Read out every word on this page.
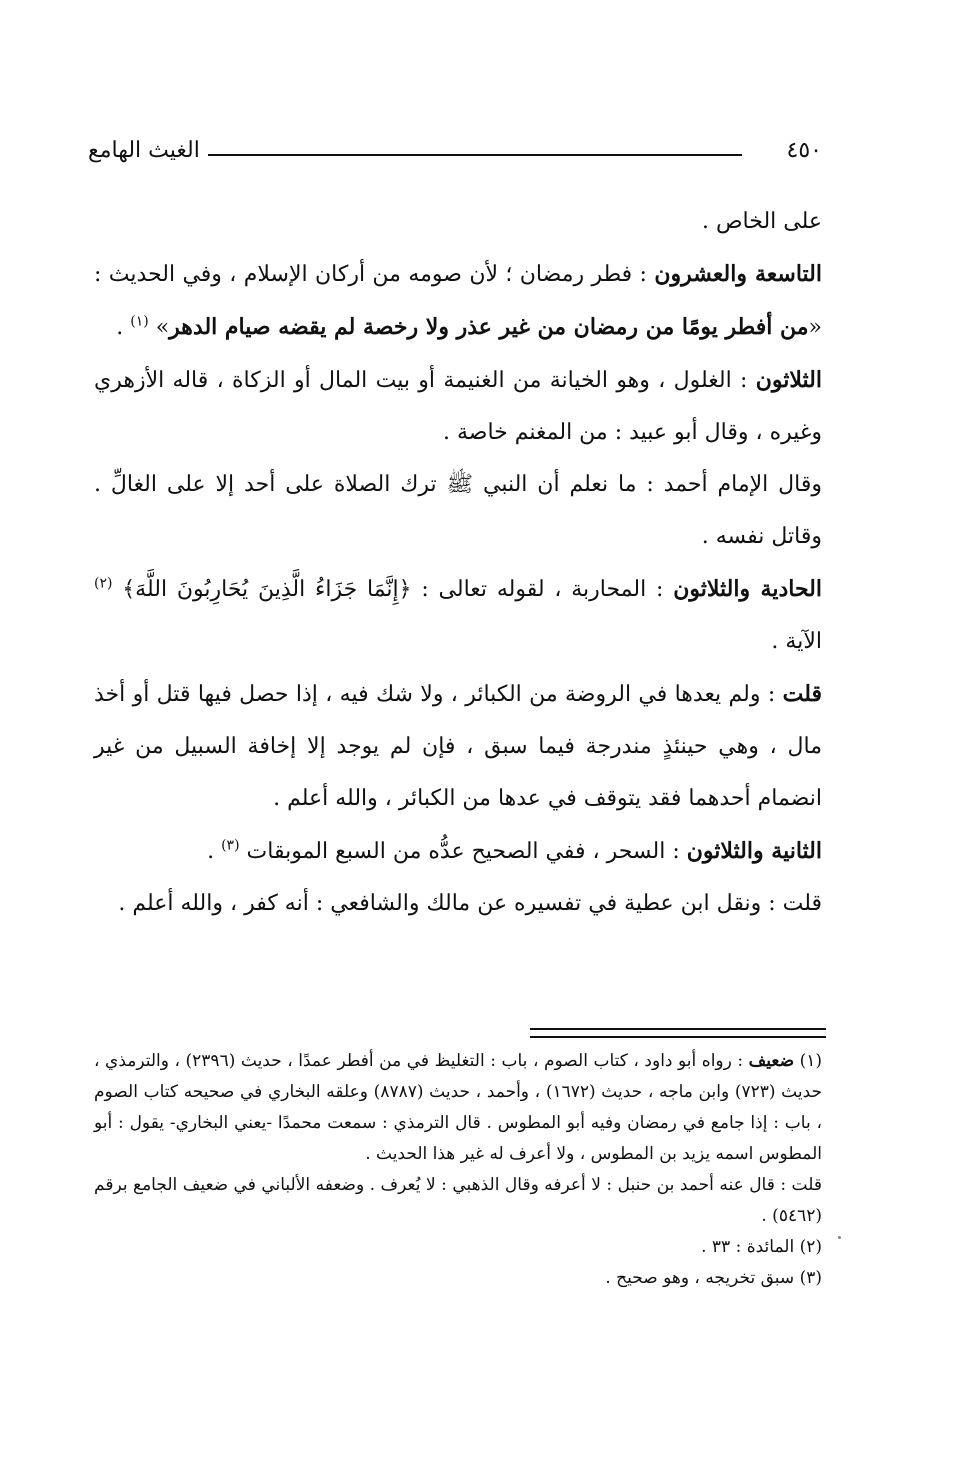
٤٥٠
الغيث الهامع

على الخاص .

التاسعة والعشرون : فطر رمضان ؛ لأن صومه من أركان الإسلام ، وفي الحديث : «من أفطر يومًا من رمضان من غير عذر ولا رخصة لم يقضه صيام الدهر» $^{(١)}$ .

الثلاثون : الغلول ، وهو الخيانة من الغنيمة أو بيت المال أو الزكاة ، قاله الأزهري وغيره ، وقال أبو عبيد : من المغنم خاصة .

وقال الإمام أحمد : ما نعلم أن النبي ﷺ ترك الصلاة على أحد إلا على الغالِّ . وقاتل نفسه .

الحادية والثلاثون : المحاربة ، لقوله تعالى : ﴿إِنَّمَا جَزَاءُ الَّذِينَ يُحَارِبُونَ اللَّهَ﴾ $^{(٢)}$ الآية .

قلت : ولم يعدها في الروضة من الكبائر ، ولا شك فيه ، إذا حصل فيها قتل أو أخذ مال ، وهي حينئذٍ مندرجة فيما سبق ، فإن لم يوجد إلا إخافة السبيل من غير انضمام أحدهما فقد يتوقف في عدها من الكبائر ، والله أعلم .

الثانية والثلاثون : السحر ، ففي الصحيح عدُّه من السبع الموبقات $^{(٣)}$ .

قلت : ونقل ابن عطية في تفسيره عن مالك والشافعي : أنه كفر ، والله أعلم .

(١) ضعيف : رواه أبو داود ، كتاب الصوم ، باب : التغليظ في من أفطر عمدًا ، حديث (٢٣٩٦) ، والترمذي ، حديث (٧٢٣) وابن ماجه ، حديث (١٦٧٢) ، وأحمد ، حديث (٨٧٨٧) وعلقه البخاري في صحيحه كتاب الصوم ، باب : إذا جامع في رمضان وفيه أبو المطوس . قال الترمذي : سمعت محمدًا -يعني البخاري- يقول : أبو المطوس اسمه يزيد بن المطوس ، ولا أعرف له غير هذا الحديث .

قلت : قال عنه أحمد بن حنبل : لا أعرفه وقال الذهبي : لا يُعرف . وضعفه الألباني في ضعيف الجامع برقم (٥٤٦٢) .

(٢) المائدة : ٣٣ .

(٣) سبق تخريجه ، وهو صحيح .
